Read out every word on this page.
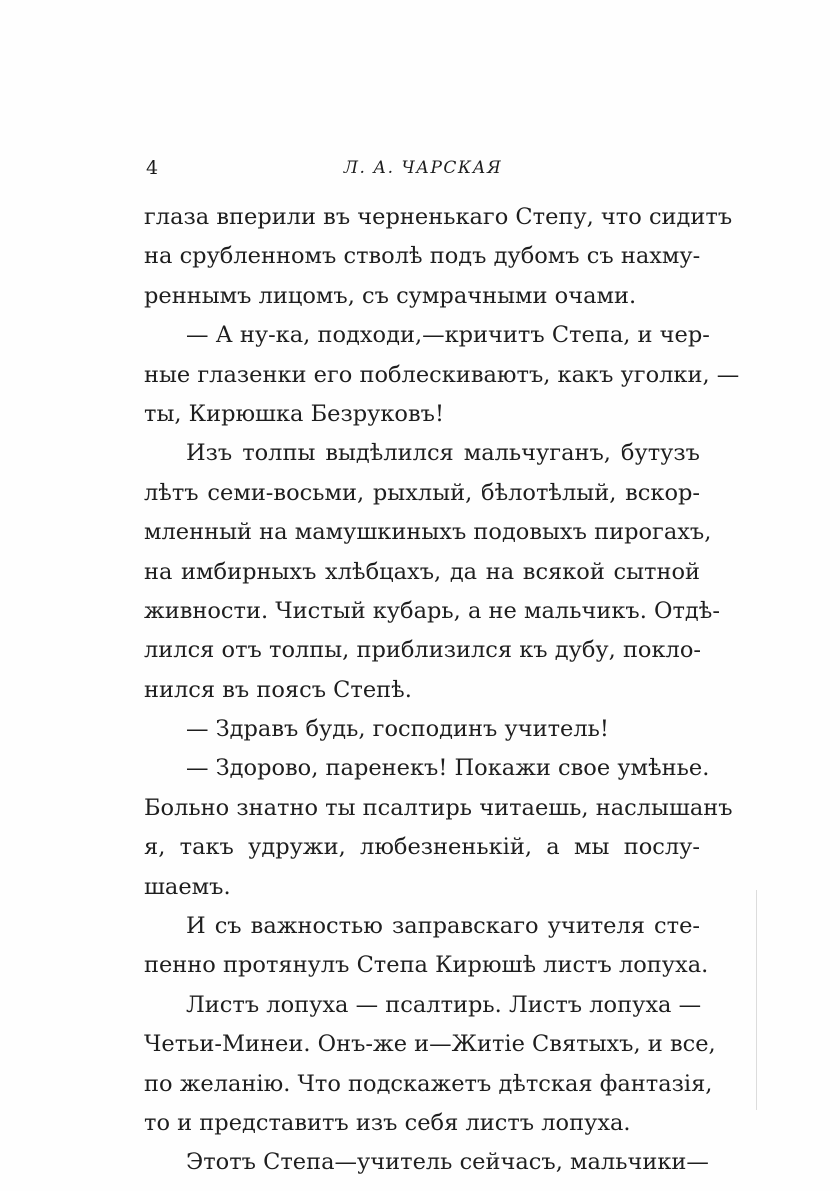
4	Л. А. ЧАРСКАЯ
глаза вперили въ черненькаго Степу, что сидитъ
на срубленномъ стволѣ подъ дубомъ съ нахму-
реннымъ лицомъ, съ сумрачными очами.
— А ну-ка, подходи,—кричитъ Степа, и чер-
ные глазенки его поблескиваютъ, какъ уголки, —
ты, Кирюшка Безруковъ!
Изъ толпы выдѣлился мальчуганъ, бутузъ
лѣтъ семи-восьми, рыхлый, бѣлотѣлый, вскор-
мленный на мамушкиныхъ подовыхъ пирогахъ,
на имбирныхъ хлѣбцахъ, да на всякой сытной
живности. Чистый кубарь, а не мальчикъ. Отдѣ-
лился отъ толпы, приблизился къ дубу, покло-
нился въ поясъ Степѣ.
— Здравъ будь, господинъ учитель!
— Здорово, паренекъ! Покажи свое умѣнье.
Больно знатно ты псалтирь читаешь, наслышанъ
я, такъ удружи, любезненькій, а мы послу-
шаемъ.
И съ важностью заправскаго учителя сте-
пенно протянулъ Степа Кирюшѣ листъ лопуха.
Листъ лопуха — псалтирь. Листъ лопуха —
Четьи-Минеи. Онъ-же и—Житіе Святыхъ, и все,
по желанію. Что подскажетъ дѣтская фантазія,
то и представитъ изъ себя листъ лопуха.
Этотъ Степа—учитель сейчасъ, мальчики—
